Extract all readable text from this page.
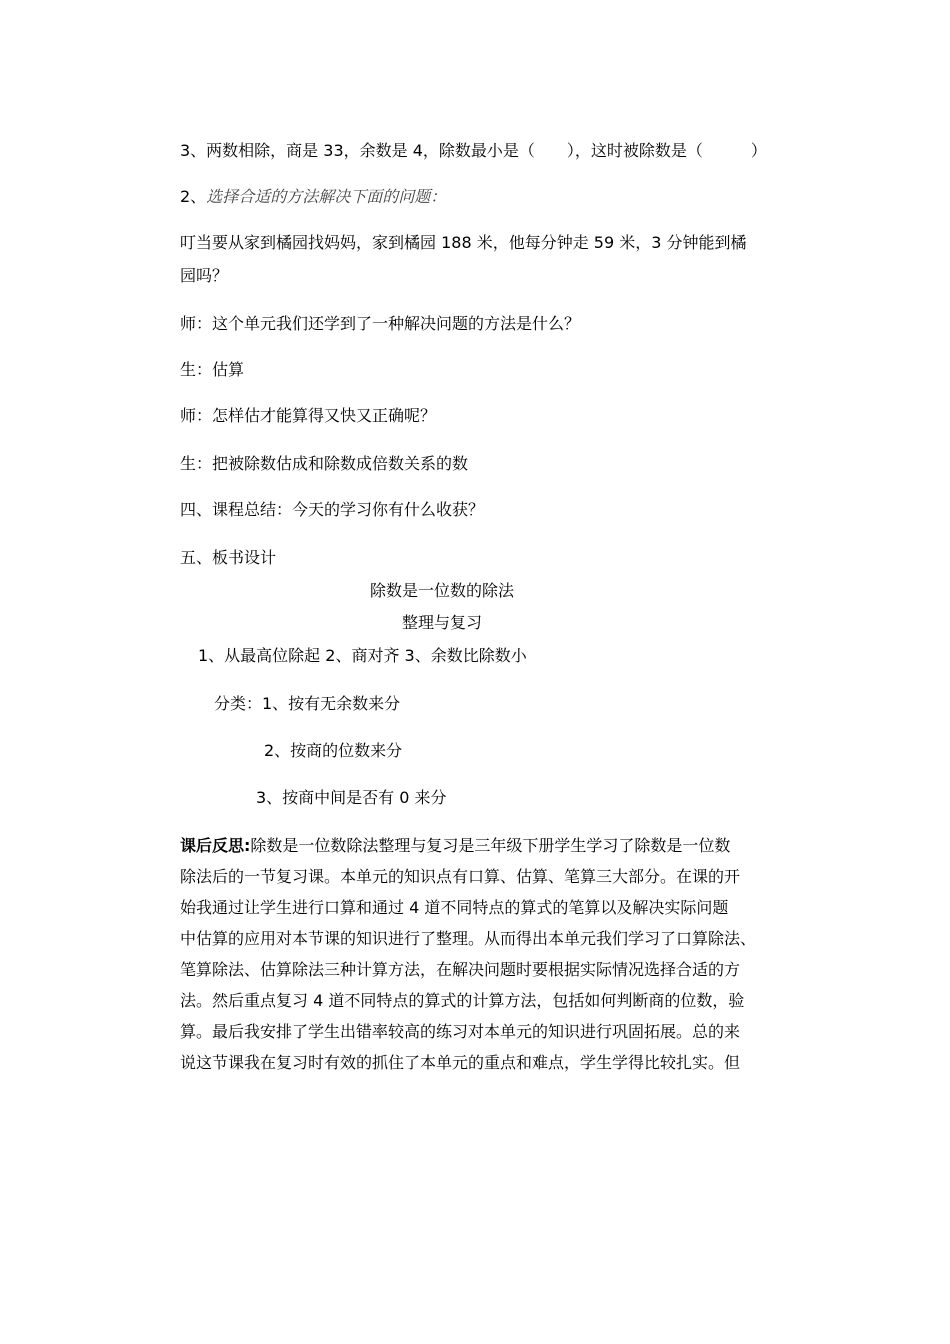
3、两数相除，商是 33，余数是 4，除数最小是（　　），这时被除数是（　　　）
2、选择合适的方法解决下面的问题：
叮当要从家到橘园找妈妈，家到橘园 188 米，他每分钟走 59 米，3 分钟能到橘
园吗？
师：这个单元我们还学到了一种解决问题的方法是什么？
生：估算
师：怎样估才能算得又快又正确呢？
生：把被除数估成和除数成倍数关系的数
四、课程总结：今天的学习你有什么收获？
五、板书设计
除数是一位数的除法
整理与复习
1、从最高位除起 2、商对齐 3、余数比除数小
分类：1、按有无余数来分
2、按商的位数来分
3、按商中间是否有 0 来分
课后反思:除数是一位数除法整理与复习是三年级下册学生学习了除数是一位数
除法后的一节复习课。本单元的知识点有口算、估算、笔算三大部分。在课的开
始我通过让学生进行口算和通过 4 道不同特点的算式的笔算以及解决实际问题
中估算的应用对本节课的知识进行了整理。从而得出本单元我们学习了口算除法、
笔算除法、估算除法三种计算方法，在解决问题时要根据实际情况选择合适的方
法。然后重点复习 4 道不同特点的算式的计算方法，包括如何判断商的位数，验
算。最后我安排了学生出错率较高的练习对本单元的知识进行巩固拓展。总的来
说这节课我在复习时有效的抓住了本单元的重点和难点，学生学得比较扎实。但
